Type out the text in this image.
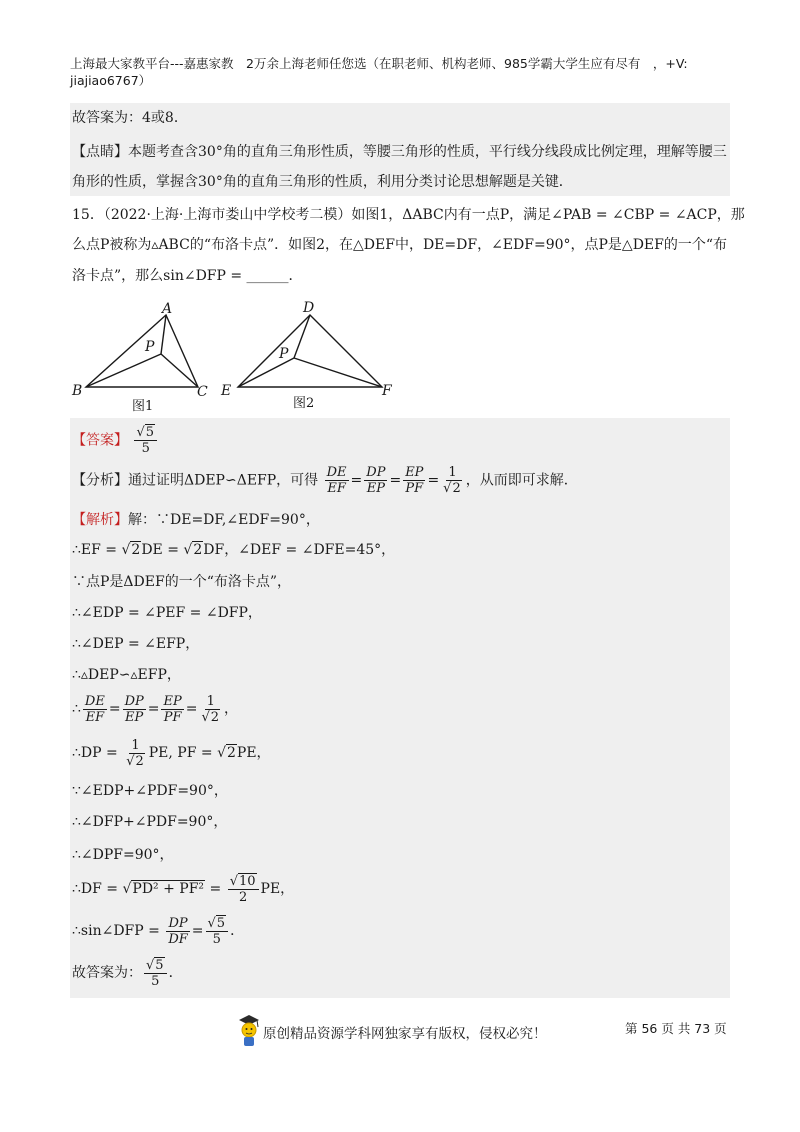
上海最大家教平台---嘉惠家教　2万余上海老师任您选（在职老师、机构老师、985学霸大学生应有尽有　，+V:
jiajiao6767）
故答案为：4或8．
【点睛】本题考查含30°角的直角三角形性质，等腰三角形的性质，平行线分线段成比例定理，理解等腰三
角形的性质，掌握含30°角的直角三角形的性质，利用分类讨论思想解题是关键．
15．（2022·上海·上海市娄山中学校考二模）如图1，ΔABC内有一点P，满足∠PAB = ∠CBP = ∠ACP，那
么点P被称为▵ABC的“布洛卡点”．如图2，在△DEF中，DE=DF，∠EDF=90°，点P是△DEF的一个“布
洛卡点”，那么sin∠DFP = ______．
A
B	C
P
图1
D
E	F
P
图2
【答案】 $\frac{√5}{5}$
【分析】通过证明ΔDEP∽ΔEFP，可得 $\frac{DE}{EF} = \frac{DP}{EP} = \frac{EP}{PF} = \frac{1}{√2}$ ，从而即可求解．
【解析】解：∵DE=DF,∠EDF=90°，
∴EF = √2DE = √2DF，∠DEF = ∠DFE=45°，
∵点P是ΔDEF的一个“布洛卡点”，
∴∠EDP = ∠PEF = ∠DFP，
∴∠DEP = ∠EFP，
∴▵DEP∽▵EFP，
∴ $\frac{DE}{EF} = \frac{DP}{EP} = \frac{EP}{PF} = \frac{1}{√2}$ ，
∴DP = $\frac{1}{√2}$ PE, PF = √2PE，
∵∠EDP+∠PDF=90°，
∴∠DFP+∠PDF=90°，
∴∠DPF=90°，
∴DF = $√PD^2 + PF^2 = \frac{√10}{2}$ PE，
∴sin∠DFP = $\frac{DP}{DF} = \frac{√5}{5}$ ．
故答案为： $\frac{√5}{5}$ ．
原创精品资源学科网独家享有版权，侵权必究！	第 56 页 共 73 页
